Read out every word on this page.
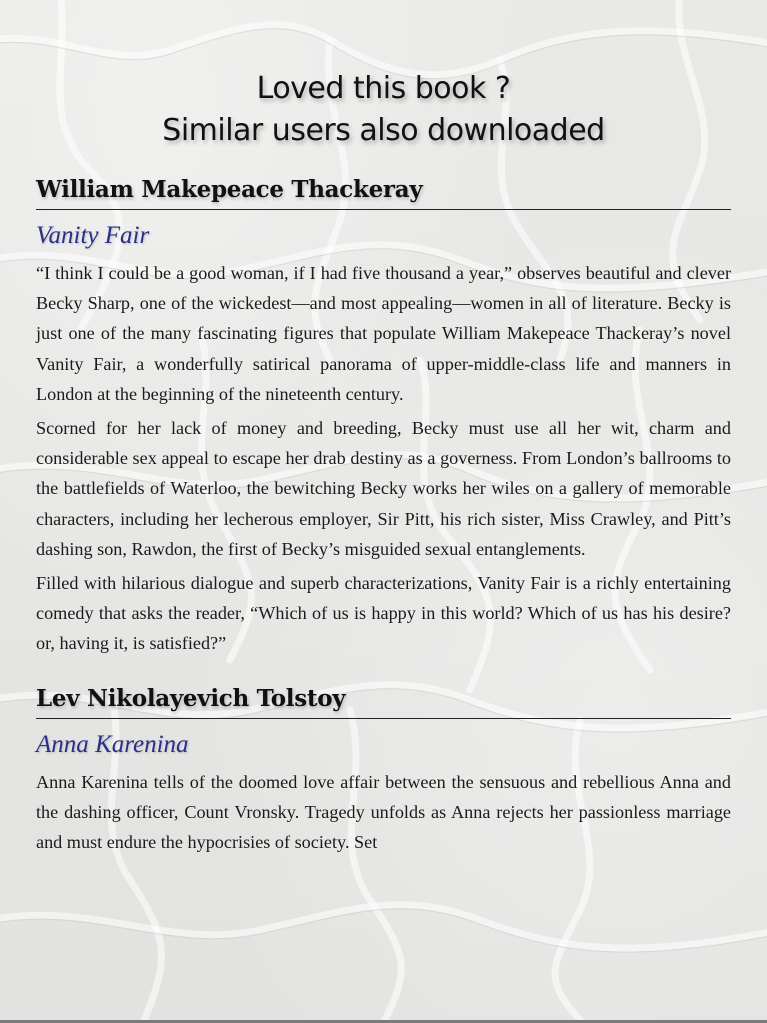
Loved this book ?
Similar users also downloaded
William Makepeace Thackeray
Vanity Fair

“I think I could be a good woman, if I had five thousand a year,” observes beautiful and clever Becky Sharp, one of the wickedest—and most appealing—women in all of literature. Becky is just one of the many fascinating figures that populate William Makepeace Thackeray’s novel Vanity Fair, a wonderfully satirical panorama of upper-middle-class life and manners in London at the beginning of the nineteenth century.

Scorned for her lack of money and breeding, Becky must use all her wit, charm and considerable sex appeal to escape her drab destiny as a governess. From London’s ballrooms to the battlefields of Waterloo, the bewitching Becky works her wiles on a gallery of memorable characters, including her lecherous employer, Sir Pitt, his rich sister, Miss Crawley, and Pitt’s dashing son, Rawdon, the first of Becky’s misguided sexual entanglements.

Filled with hilarious dialogue and superb characterizations, Vanity Fair is a richly entertaining comedy that asks the reader, “Which of us is happy in this world? Which of us has his desire? or, having it, is satisfied?”

Lev Nikolayevich Tolstoy
Anna Karenina

Anna Karenina tells of the doomed love affair between the sensuous and rebellious Anna and the dashing officer, Count Vronsky. Tragedy unfolds as Anna rejects her passionless marriage and must endure the hypocrisies of society. Set
